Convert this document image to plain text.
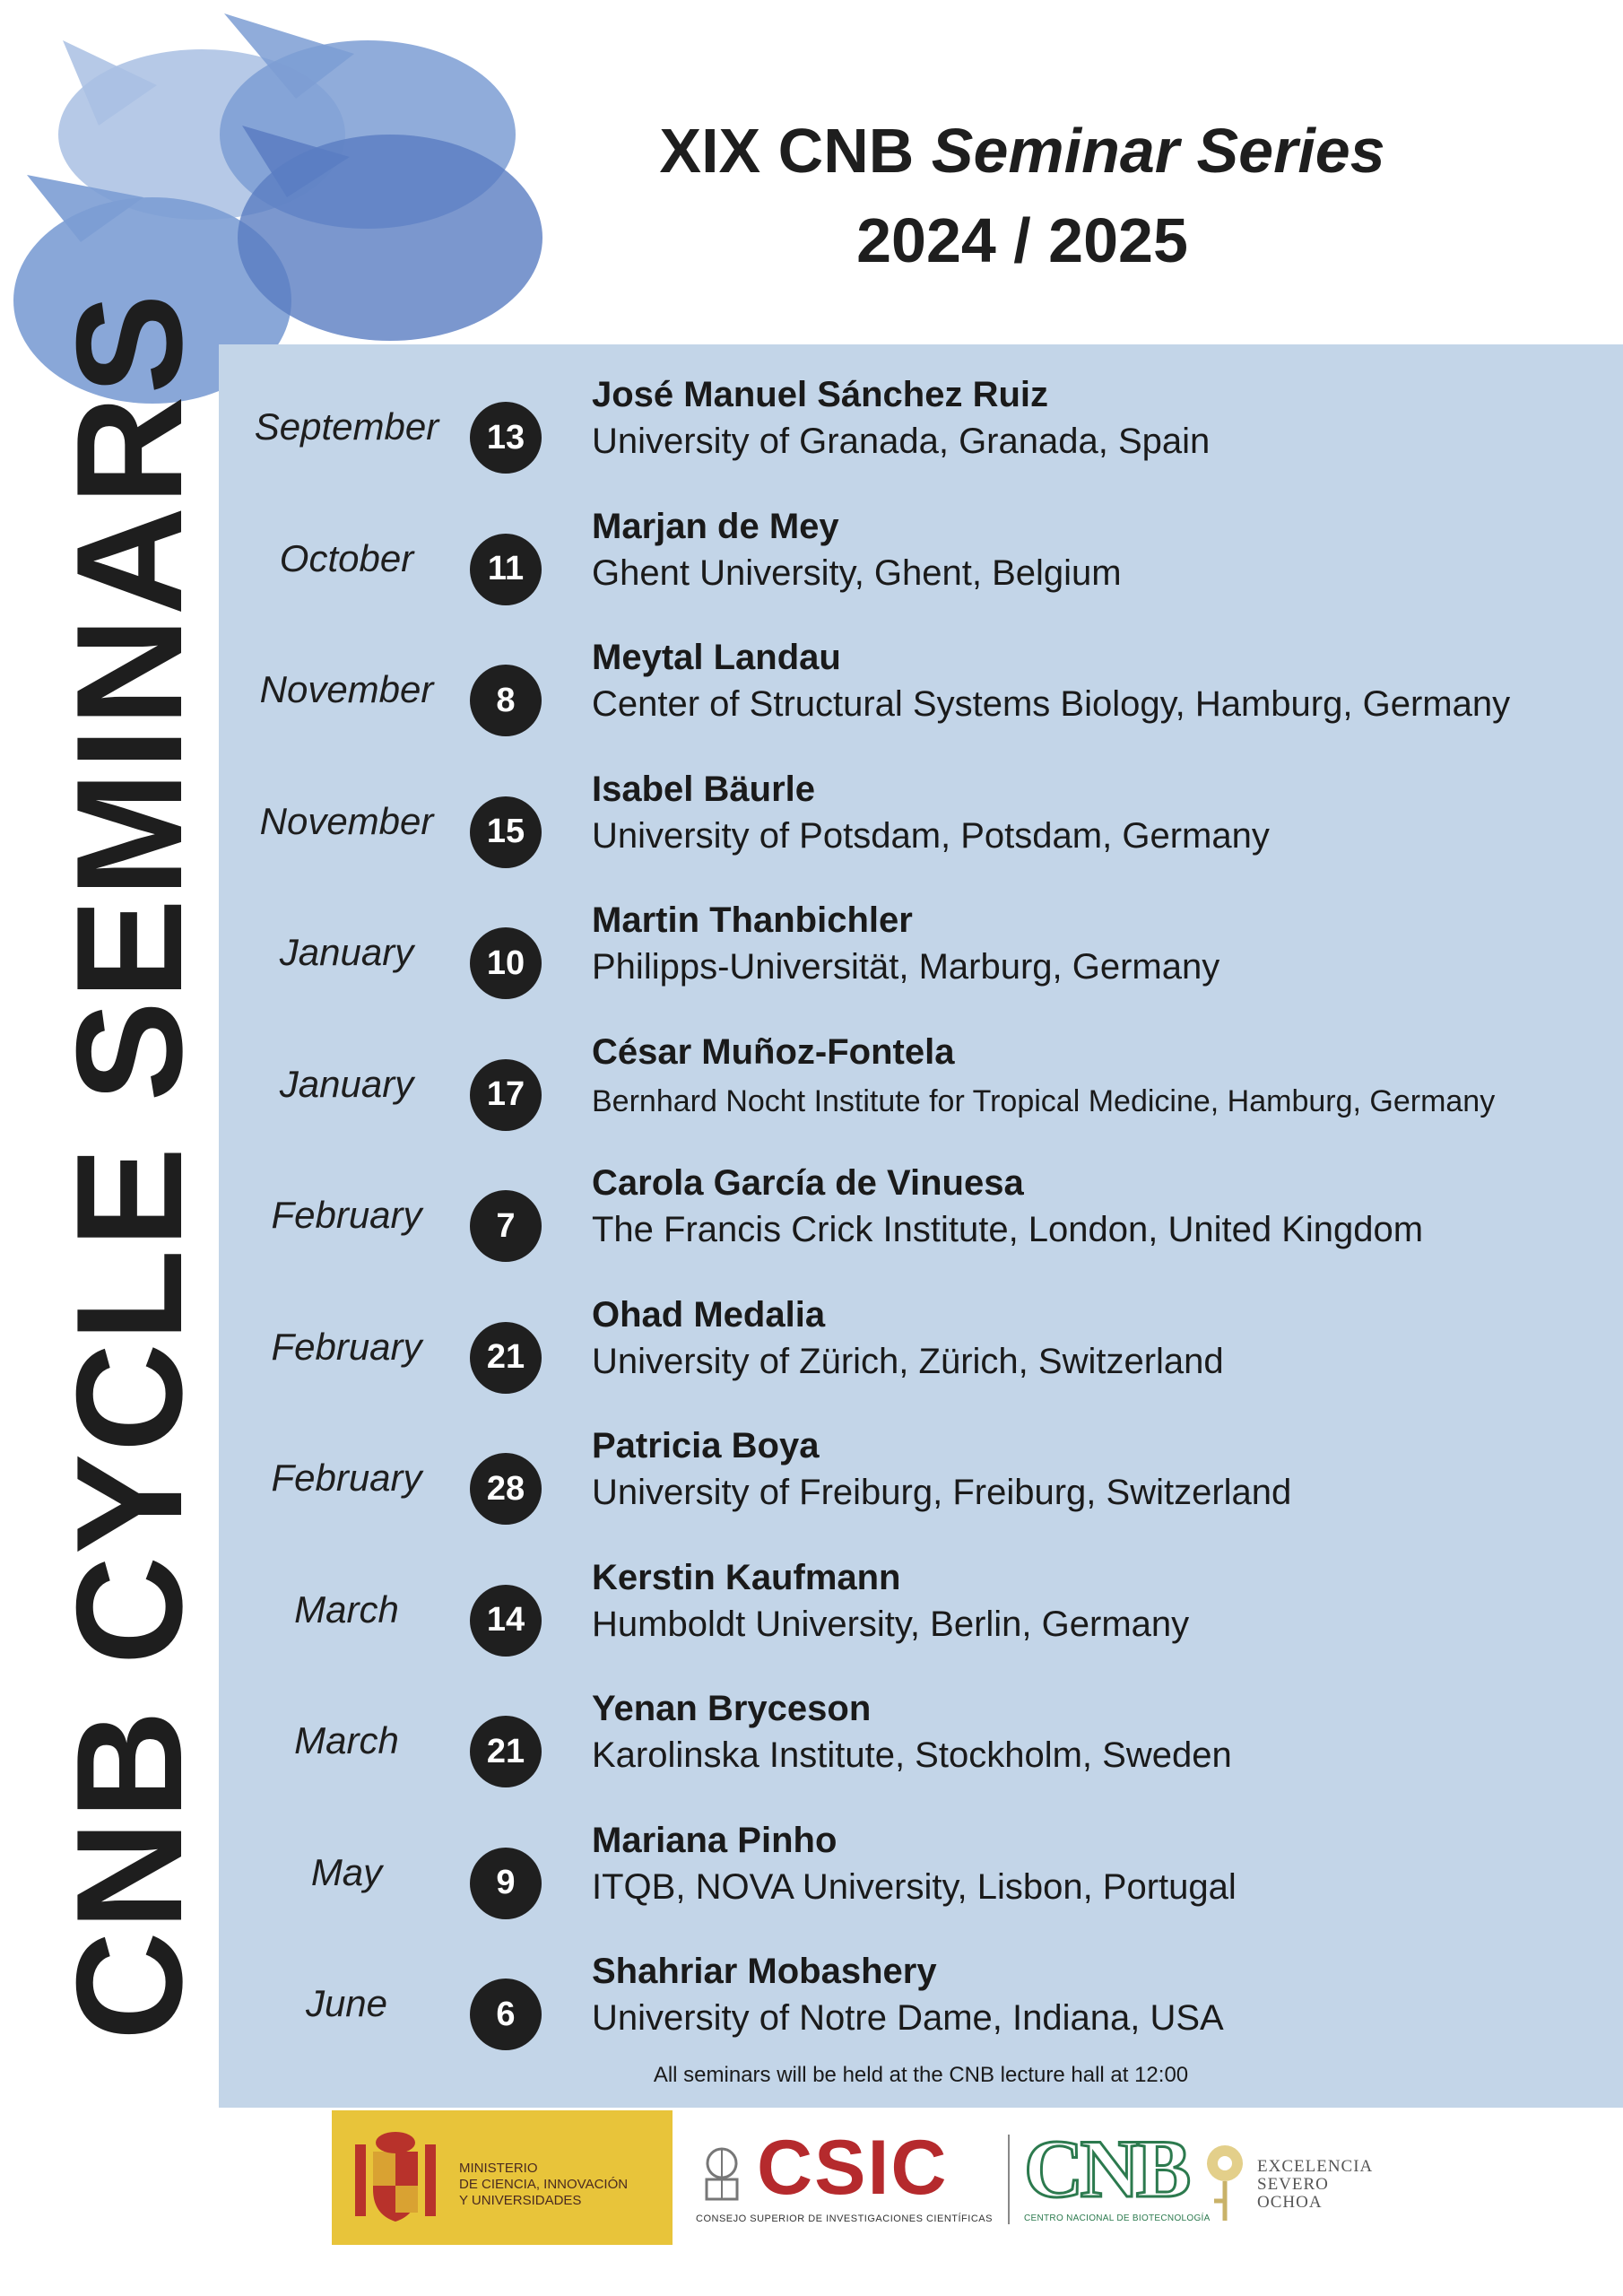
XIX CNB Seminar Series
2024 / 2025
CNB CYCLE SEMINARS	September	13
José Manuel Sánchez Ruiz
University of Granada, Granada, Spain
October	11
Marjan de Mey
Ghent University, Ghent, Belgium
November	8
Meytal Landau
Center of Structural Systems Biology, Hamburg, Germany
November	15
Isabel Bäurle
University of Potsdam, Potsdam, Germany
January	10
Martin Thanbichler
Philipps-Universität, Marburg, Germany
January	17
César Muñoz-Fontela
Bernhard Nocht Institute for Tropical Medicine, Hamburg, Germany
February	7
Carola García de Vinuesa
The Francis Crick Institute, London, United Kingdom
February	21
Ohad Medalia
University of Zürich, Zürich, Switzerland
February	28
Patricia Boya
University of Freiburg, Freiburg, Switzerland
March	14
Kerstin Kaufmann
Humboldt University, Berlin, Germany
March	21
Yenan Bryceson
Karolinska Institute, Stockholm, Sweden
May	9
Mariana Pinho
ITQB, NOVA University, Lisbon, Portugal
June	6
Shahriar Mobashery
University of Notre Dame, Indiana, USA
All seminars will be held at the CNB lecture hall at 12:00
MINISTERIO
DE CIENCIA, INNOVACIÓN
Y UNIVERSIDADES	CSIC
CONSEJO SUPERIOR DE INVESTIGACIONES CIENTÍFICAS
CNB
CENTRO NACIONAL DE BIOTECNOLOGÍA
EXCELENCIA
SEVERO
OCHOA
